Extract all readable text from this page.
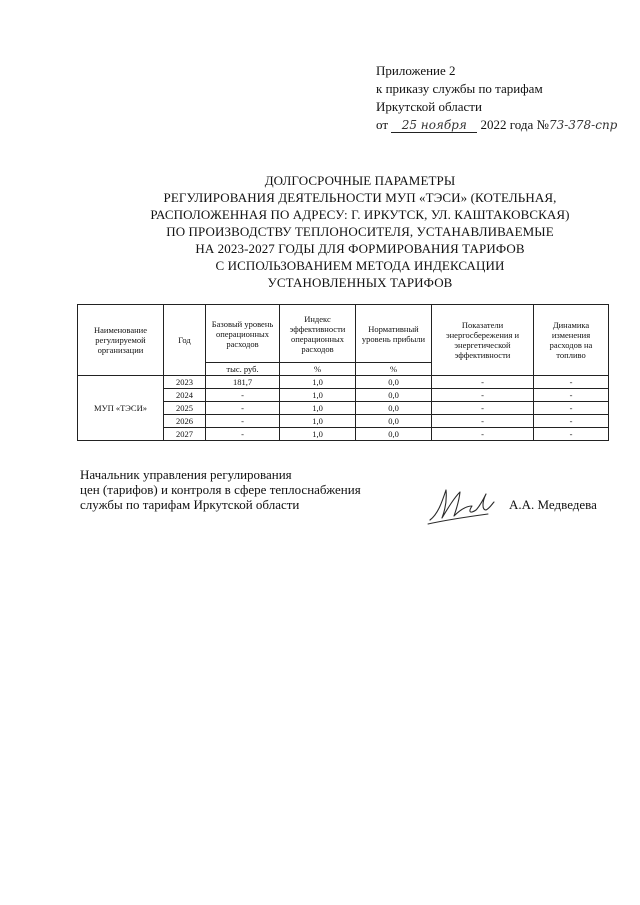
Приложение 2
к приказу службы по тарифам
Иркутской области
от 25 ноября 2022 года №73-378-спр
ДОЛГОСРОЧНЫЕ ПАРАМЕТРЫ
РЕГУЛИРОВАНИЯ ДЕЯТЕЛЬНОСТИ МУП «ТЭСИ» (КОТЕЛЬНАЯ,
РАСПОЛОЖЕННАЯ ПО АДРЕСУ: Г. ИРКУТСК, УЛ. КАШТАКОВСКАЯ)
ПО ПРОИЗВОДСТВУ ТЕПЛОНОСИТЕЛЯ, УСТАНАВЛИВАЕМЫЕ
НА 2023-2027 ГОДЫ ДЛЯ ФОРМИРОВАНИЯ ТАРИФОВ
С ИСПОЛЬЗОВАНИЕМ МЕТОДА ИНДЕКСАЦИИ
УСТАНОВЛЕННЫХ ТАРИФОВ
Наименование регулируемой организации	Год	Базовый уровень операционных расходов	Индекс эффективности операционных расходов	Нормативный уровень прибыли	Показатели энергосбережения и энергетической эффективности	Динамика изменения расходов на топливо
		тыс. руб.	%	%		
МУП «ТЭСИ»	2023	181,7	1,0	0,0	-	-
	2024	-	1,0	0,0	-	-
	2025	-	1,0	0,0	-	-
	2026	-	1,0	0,0	-	-
	2027	-	1,0	0,0	-	-
Начальник управления регулирования
цен (тарифов) и контроля в сфере теплоснабжения
службы по тарифам Иркутской области	А.А. Медведева
